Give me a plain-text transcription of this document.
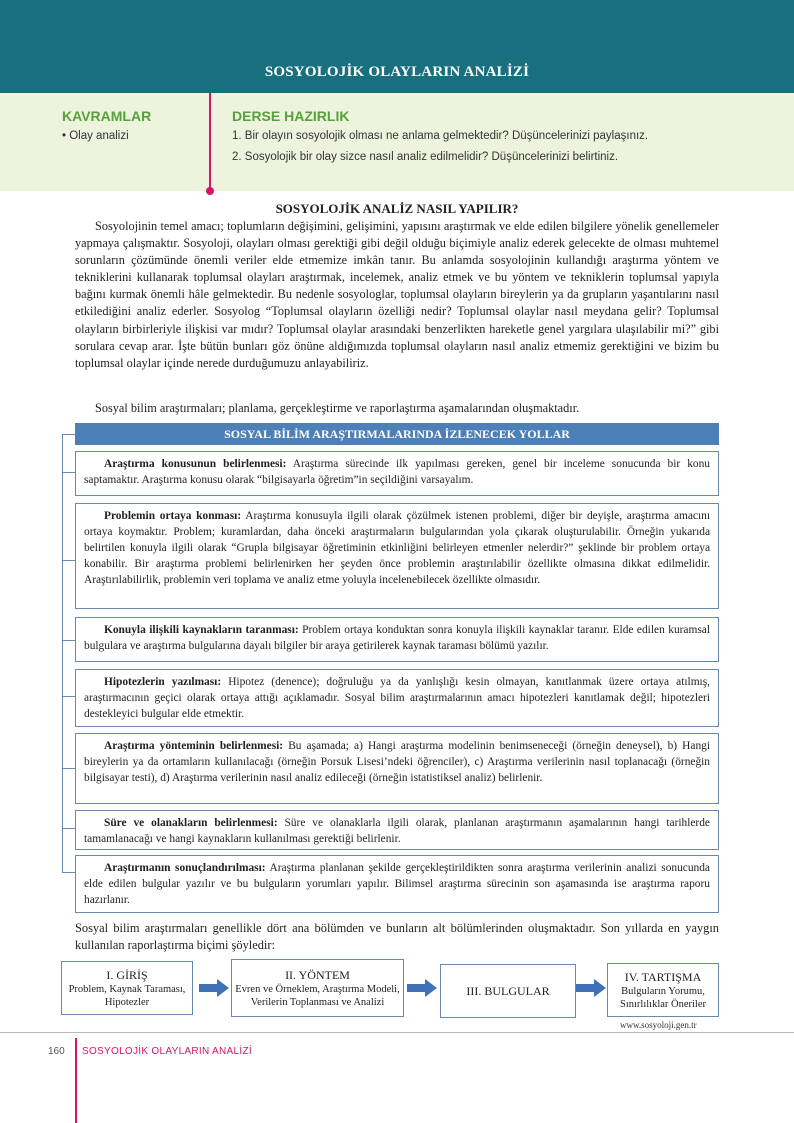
SOSYOLOJİK OLAYLARIN ANALİZİ
KAVRAMLAR
• Olay analizi
DERSE HAZIRLIK
1. Bir olayın sosyolojik olması ne anlama gelmektedir? Düşüncelerinizi paylaşınız.
2. Sosyolojik bir olay sizce nasıl analiz edilmelidir? Düşüncelerinizi belirtiniz.
SOSYOLOJİK ANALİZ NASIL YAPILIR?
Sosyolojinin temel amacı; toplumların değişimini, gelişimini, yapısını araştırmak ve elde edilen bilgilere yönelik genellemeler yapmaya çalışmaktır. Sosyoloji, olayları olması gerektiği gibi değil olduğu biçimiyle analiz ederek gelecekte de olması muhtemel sorunların çözümünde önemli veriler elde etmemize imkân tanır. Bu anlamda sosyolojinin kullandığı araştırma yöntem ve tekniklerini kullanarak toplumsal olayları araştırmak, incelemek, analiz etmek ve bu yöntem ve tekniklerin toplumsal yapıyla bağını kurmak önemli hâle gelmektedir. Bu nedenle sosyologlar, toplumsal olayların bireylerin ya da grupların yaşantılarını nasıl etkilediğini analiz ederler. Sosyolog “Toplumsal olayların özelliği nedir? Toplumsal olaylar nasıl meydana gelir? Toplumsal olayların birbirleriyle ilişkisi var mıdır? Toplumsal olaylar arasındaki benzerlikten hareketle genel yargılara ulaşılabilir mi?” gibi sorulara cevap arar. İşte bütün bunları göz önüne aldığımızda toplumsal olayların nasıl analiz etmemiz gerektiğini ve bizim bu toplumsal olaylar içinde nerede durduğumuzu anlayabiliriz.
Sosyal bilim araştırmaları; planlama, gerçekleştirme ve raporlaştırma aşamalarından oluşmaktadır.
SOSYAL BİLİM ARAŞTIRMALARINDA İZLENECEK YOLLAR
Araştırma konusunun belirlenmesi: Araştırma sürecinde ilk yapılması gereken, genel bir inceleme sonucunda bir konu saptamaktır. Araştırma konusu olarak “bilgisayarla öğretim”in seçildiğini varsayalım.
Problemin ortaya konması: Araştırma konusuyla ilgili olarak çözülmek istenen problemi, diğer bir deyişle, araştırma amacını ortaya koymaktır. Problem; kuramlardan, daha önceki araştırmaların bulgularından yola çıkarak oluşturulabilir. Örneğin yukarıda belirtilen konuyla ilgili olarak “Grupla bilgisayar öğretiminin etkinliğini belirleyen etmenler nelerdir?” şeklinde bir problem ortaya konabilir. Bir araştırma problemi belirlenirken her şeyden önce problemin araştırılabilir özellikte olmasına dikkat edilmelidir. Araştırılabilirlik, problemin veri toplama ve analiz etme yoluyla incelenebilecek özellikte olmasıdır.
Konuyla ilişkili kaynakların taranması: Problem ortaya konduktan sonra konuyla ilişkili kaynaklar taranır. Elde edilen kuramsal bulgulara ve araştırma bulgularına dayalı bilgiler bir araya getirilerek kaynak taraması bölümü yazılır.
Hipotezlerin yazılması: Hipotez (denence); doğruluğu ya da yanlışlığı kesin olmayan, kanıtlanmak üzere ortaya atılmış, araştırmacının geçici olarak ortaya attığı açıklamadır. Sosyal bilim araştırmalarının amacı hipotezleri kanıtlamak değil; hipotezleri destekleyici bulgular elde etmektir.
Araştırma yönteminin belirlenmesi: Bu aşamada; a) Hangi araştırma modelinin benimseneceği (örneğin deneysel), b) Hangi bireylerin ya da ortamların kullanılacağı (örneğin Porsuk Lisesi’ndeki öğrenciler), c) Araştırma verilerinin nasıl toplanacağı (örneğin bilgisayar testi), d) Araştırma verilerinin nasıl analiz edileceği (örneğin istatistiksel analiz) belirlenir.
Süre ve olanakların belirlenmesi: Süre ve olanaklarla ilgili olarak, planlanan araştırmanın aşamalarının hangi tarihlerde tamamlanacağı ve hangi kaynakların kullanılması gerektiği belirlenir.
Araştırmanın sonuçlandırılması: Araştırma planlanan şekilde gerçekleştirildikten sonra araştırma verilerinin analizi sonucunda elde edilen bulgular yazılır ve bu bulguların yorumları yapılır. Bilimsel araştırma sürecinin son aşamasında ise araştırma raporu hazırlanır.
Sosyal bilim araştırmaları genellikle dört ana bölümden ve bunların alt bölümlerinden oluşmaktadır. Son yıllarda en yaygın kullanılan raporlaştırma biçimi şöyledir:
I. GİRİŞ
Problem, Kaynak Taraması, Hipotezler
II. YÖNTEM
Evren ve Örneklem, Araştırma Modeli, Verilerin Toplanması ve Analizi
III. BULGULAR
IV. TARTIŞMA
Bulguların Yorumu, Sınırlılıklar Öneriler
www.sosyoloji.gen.tr
160 SOSYOLOJİK OLAYLARIN ANALİZİ
